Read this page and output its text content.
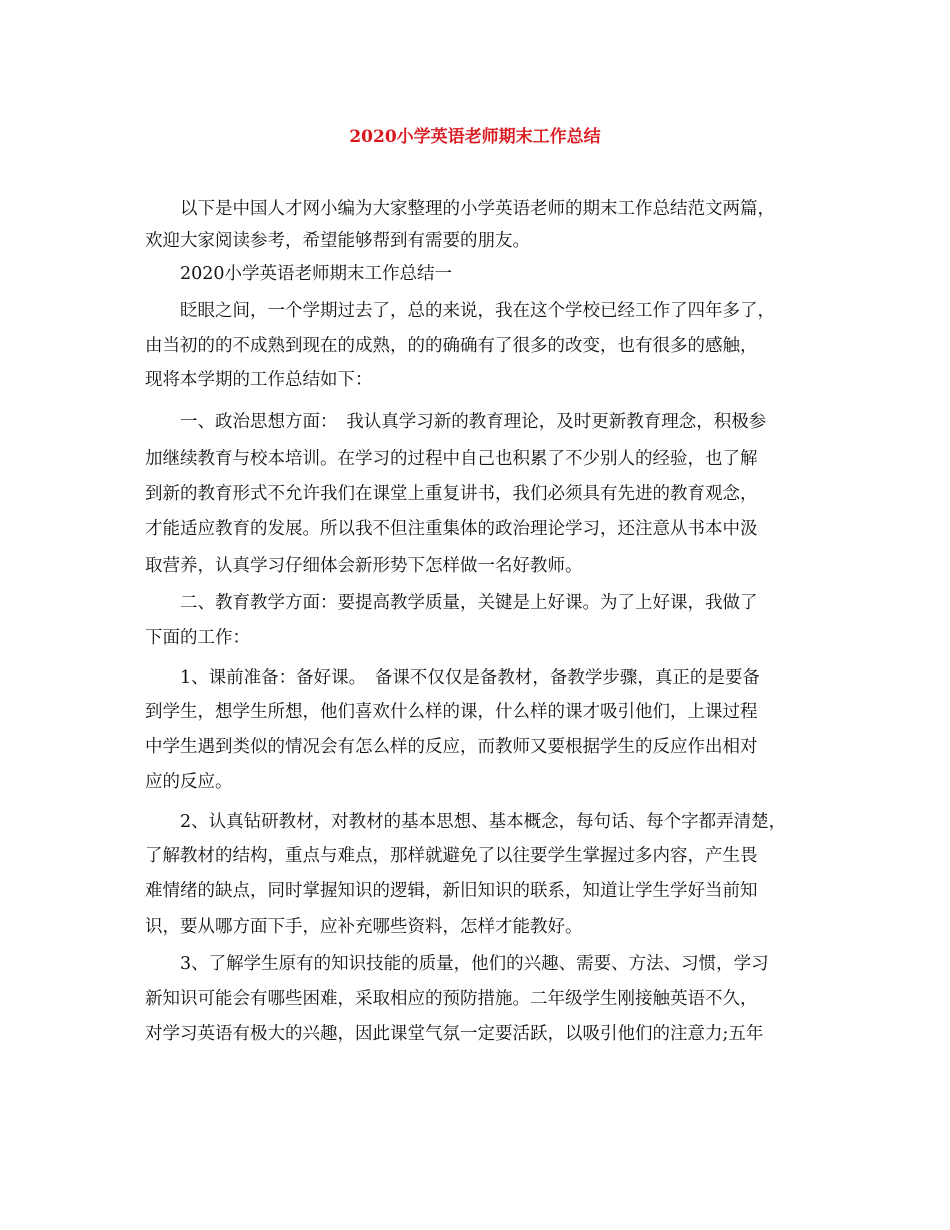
2020小学英语老师期末工作总结
以下是中国人才网小编为大家整理的小学英语老师的期末工作总结范文两篇，
欢迎大家阅读参考，希望能够帮到有需要的朋友。
2020小学英语老师期末工作总结一
眨眼之间，一个学期过去了，总的来说，我在这个学校已经工作了四年多了，
由当初的的不成熟到现在的成熟，的的确确有了很多的改变，也有很多的感触，
现将本学期的工作总结如下：
一、政治思想方面：　我认真学习新的教育理论，及时更新教育理念，积极参
加继续教育与校本培训。在学习的过程中自己也积累了不少别人的经验，也了解
到新的教育形式不允许我们在课堂上重复讲书，我们必须具有先进的教育观念，
才能适应教育的发展。所以我不但注重集体的政治理论学习，还注意从书本中汲
取营养，认真学习仔细体会新形势下怎样做一名好教师。
二、教育教学方面：要提高教学质量，关键是上好课。为了上好课，我做了
下面的工作：
1、课前准备：备好课。　备课不仅仅是备教材，备教学步骤，真正的是要备
到学生，想学生所想，他们喜欢什么样的课，什么样的课才吸引他们，上课过程
中学生遇到类似的情况会有怎么样的反应，而教师又要根据学生的反应作出相对
应的反应。
2、认真钻研教材，对教材的基本思想、基本概念，每句话、每个字都弄清楚，
了解教材的结构，重点与难点，那样就避免了以往要学生掌握过多内容，产生畏
难情绪的缺点，同时掌握知识的逻辑，新旧知识的联系，知道让学生学好当前知
识，要从哪方面下手，应补充哪些资料，怎样才能教好。
3、了解学生原有的知识技能的质量，他们的兴趣、需要、方法、习惯，学习
新知识可能会有哪些困难，采取相应的预防措施。二年级学生刚接触英语不久，
对学习英语有极大的兴趣，因此课堂气氛一定要活跃，以吸引他们的注意力;五年
